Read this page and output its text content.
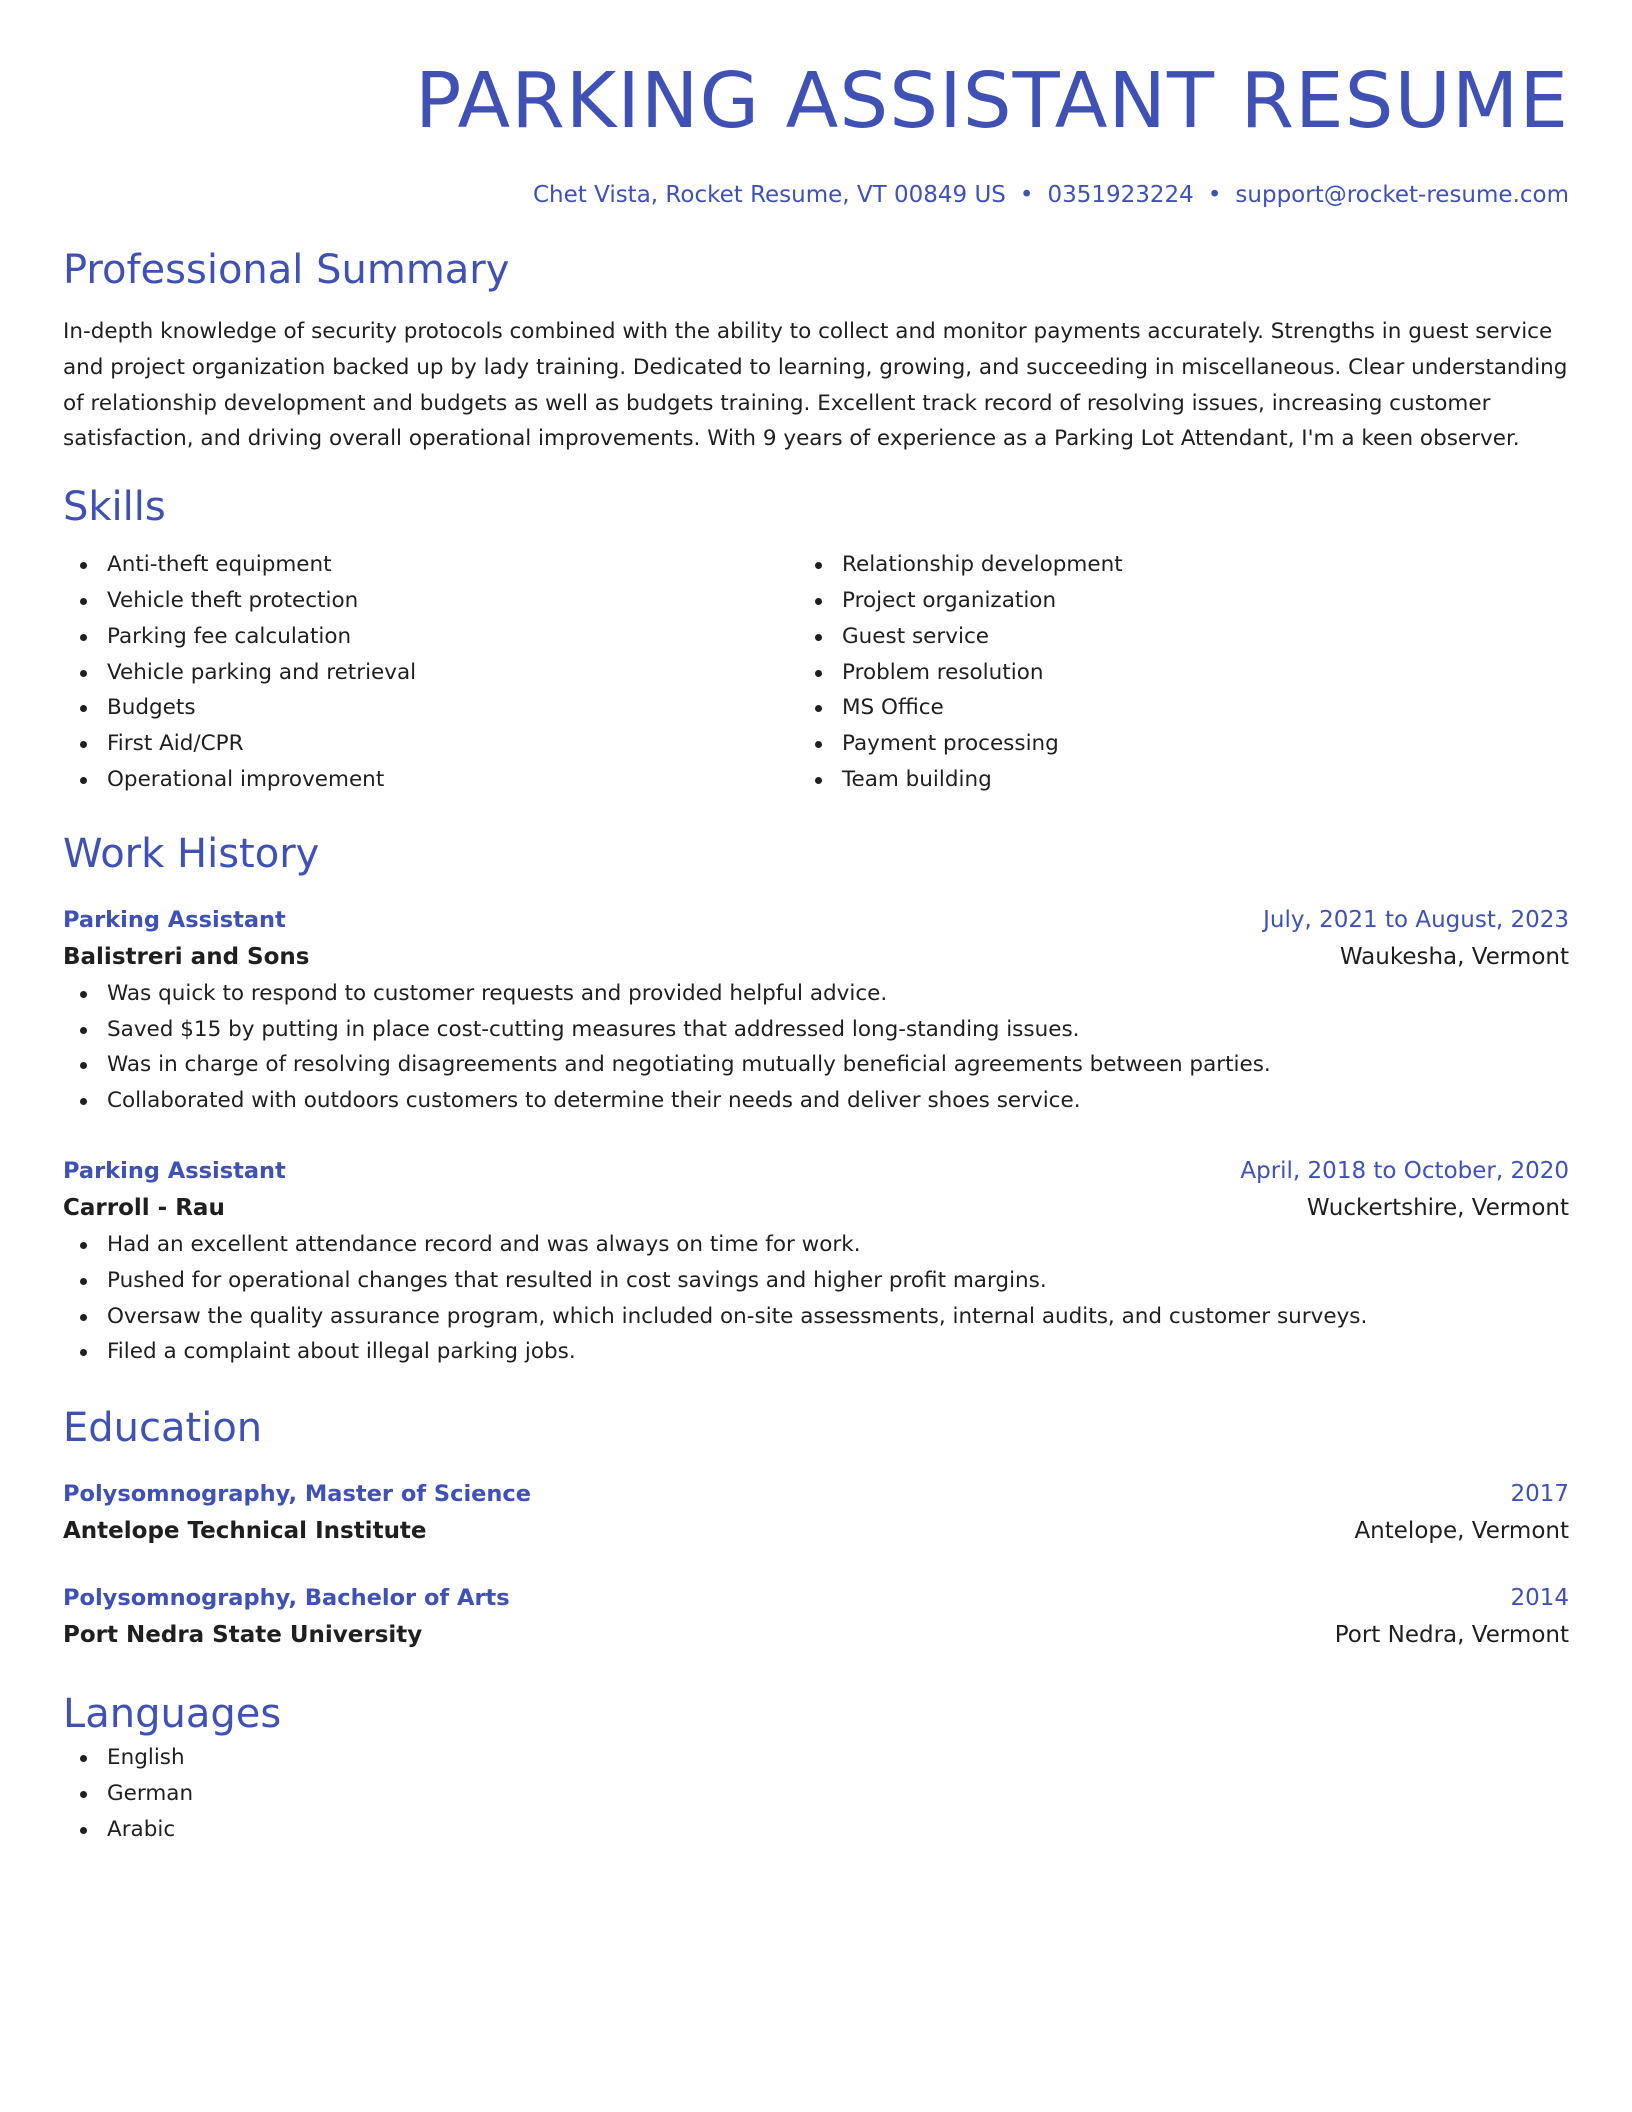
PARKING ASSISTANT RESUME
Chet Vista, Rocket Resume, VT 00849 US • 0351923224 • support@rocket-resume.com
Professional Summary

In-depth knowledge of security protocols combined with the ability to collect and monitor payments accurately. Strengths in guest service and project organization backed up by lady training. Dedicated to learning, growing, and succeeding in miscellaneous. Clear understanding of relationship development and budgets as well as budgets training. Excellent track record of resolving issues, increasing customer satisfaction, and driving overall operational improvements. With 9 years of experience as a Parking Lot Attendant, I'm a keen observer.

Skills
Anti-theft equipment
Vehicle theft protection
Parking fee calculation
Vehicle parking and retrieval
Budgets
First Aid/CPR
Operational improvement
Relationship development
Project organization
Guest service
Problem resolution
MS Office
Payment processing
Team building
Work History
Parking Assistant	July, 2021 to August, 2023
Balistreri and Sons	Waukesha, Vermont
Was quick to respond to customer requests and provided helpful advice.
Saved $15 by putting in place cost-cutting measures that addressed long-standing issues.
Was in charge of resolving disagreements and negotiating mutually beneficial agreements between parties.
Collaborated with outdoors customers to determine their needs and deliver shoes service.
Parking Assistant	April, 2018 to October, 2020
Carroll - Rau	Wuckertshire, Vermont
Had an excellent attendance record and was always on time for work.
Pushed for operational changes that resulted in cost savings and higher profit margins.
Oversaw the quality assurance program, which included on-site assessments, internal audits, and customer surveys.
Filed a complaint about illegal parking jobs.
Education
Polysomnography, Master of Science	2017
Antelope Technical Institute	Antelope, Vermont
Polysomnography, Bachelor of Arts	2014
Port Nedra State University	Port Nedra, Vermont
Languages
English
German
Arabic
